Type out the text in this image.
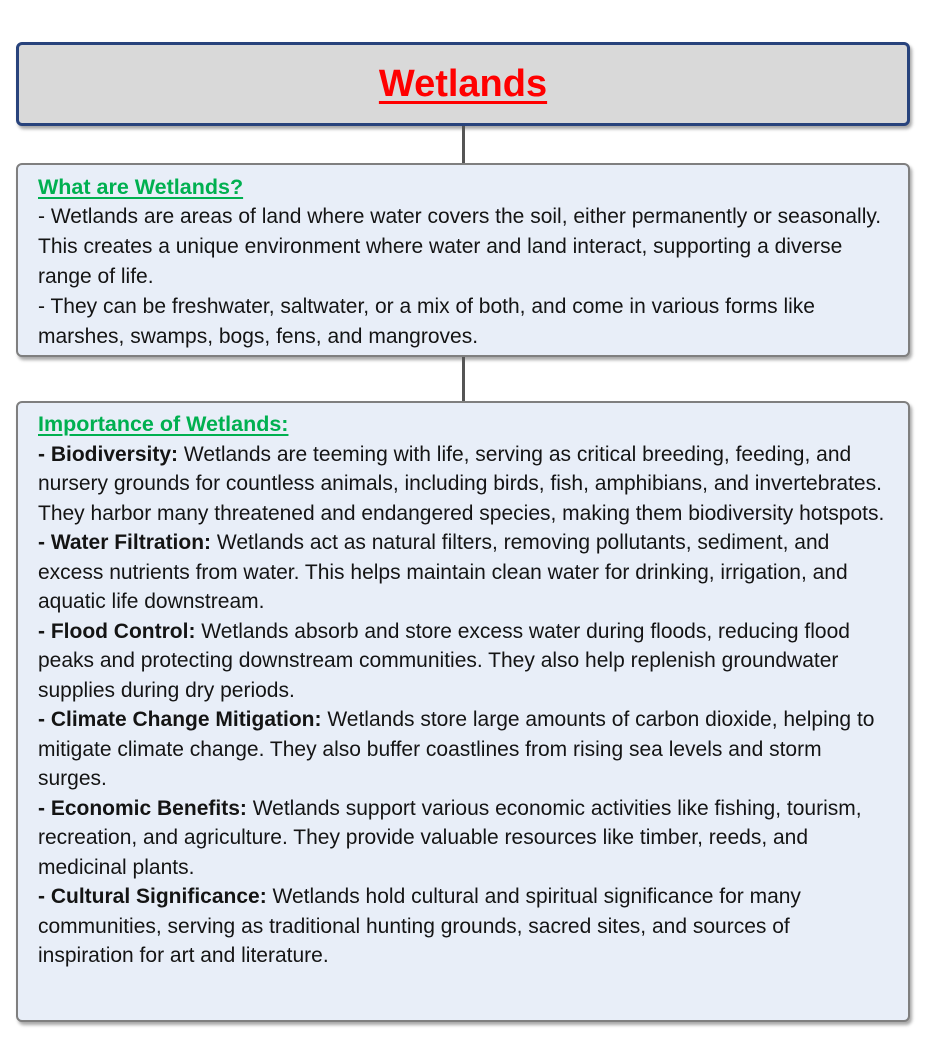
Wetlands
What are Wetlands?

- Wetlands are areas of land where water covers the soil, either permanently or seasonally. This creates a unique environment where water and land interact, supporting a diverse range of life.

- They can be freshwater, saltwater, or a mix of both, and come in various forms like marshes, swamps, bogs, fens, and mangroves.

Importance of Wetlands:

- Biodiversity: Wetlands are teeming with life, serving as critical breeding, feeding, and nursery grounds for countless animals, including birds, fish, amphibians, and invertebrates. They harbor many threatened and endangered species, making them biodiversity hotspots.

- Water Filtration: Wetlands act as natural filters, removing pollutants, sediment, and excess nutrients from water. This helps maintain clean water for drinking, irrigation, and aquatic life downstream.

- Flood Control: Wetlands absorb and store excess water during floods, reducing flood peaks and protecting downstream communities. They also help replenish groundwater supplies during dry periods.

- Climate Change Mitigation: Wetlands store large amounts of carbon dioxide, helping to mitigate climate change. They also buffer coastlines from rising sea levels and storm surges.

- Economic Benefits: Wetlands support various economic activities like fishing, tourism, recreation, and agriculture. They provide valuable resources like timber, reeds, and medicinal plants.

- Cultural Significance: Wetlands hold cultural and spiritual significance for many communities, serving as traditional hunting grounds, sacred sites, and sources of inspiration for art and literature.
